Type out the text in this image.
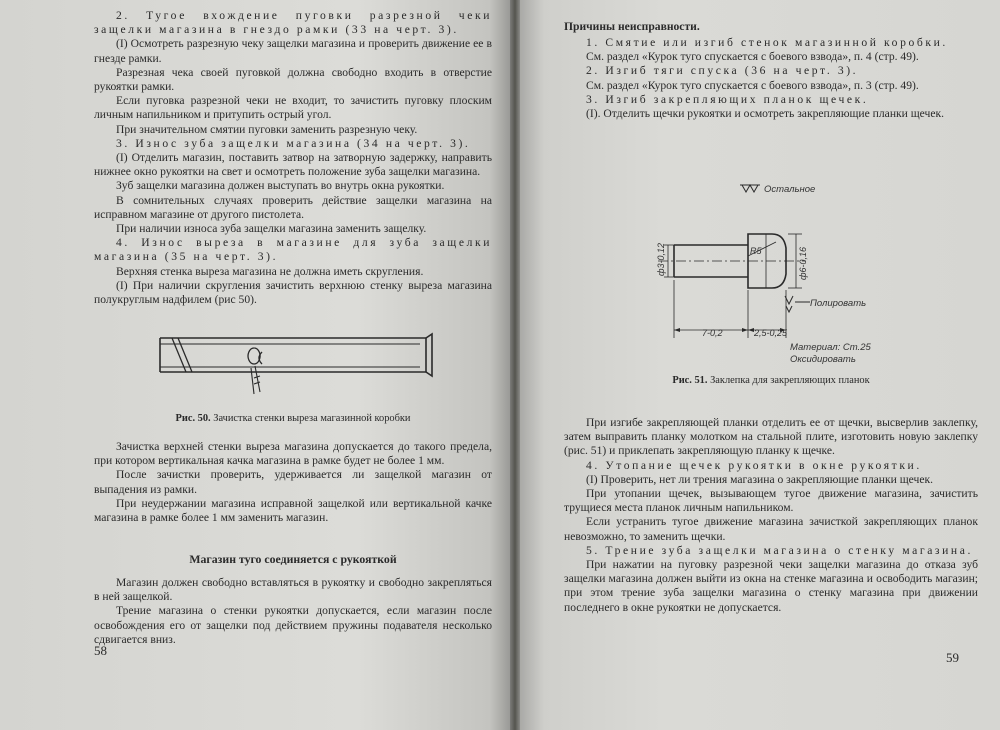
2. Тугое вхождение пуговки разрезной чеки защелки магазина в гнездо рамки (33 на черт. 3).

(I) Осмотреть разрезную чеку защелки магазина и проверить движение ее в гнезде рамки.

Разрезная чека своей пуговкой должна свободно входить в отверстие рукоятки рамки.

Если пуговка разрезной чеки не входит, то зачистить пуговку плоским личным напильником и притупить острый угол.

При значительном смятии пуговки заменить разрезную чеку.

3. Износ зуба защелки магазина (34 на черт. 3).

(I) Отделить магазин, поставить затвор на затворную задержку, направить нижнее окно рукоятки на свет и осмотреть положение зуба защелки магазина.

Зуб защелки магазина должен выступать во внутрь окна рукоятки.

В сомнительных случаях проверить действие защелки магазина на исправном магазине от другого пистолета.

При наличии износа зуба защелки магазина заменить защелку.

4. Износ выреза в магазине для зуба защелки магазина (35 на черт. 3).

Верхняя стенка выреза магазина не должна иметь скругления.

(I) При наличии скругления зачистить верхнюю стенку выреза магазина полукруглым надфилем (рис 50).

Рис. 50. Зачистка стенки выреза магазинной коробки

Зачистка верхней стенки выреза магазина допускается до такого предела, при котором вертикальная качка магазина в рамке будет не более 1 мм.

После зачистки проверить, удерживается ли защелкой магазин от выпадения из рамки.

При неудержании магазина исправной защелкой или вертикальной качке магазина в рамке более 1 мм заменить магазин.

Магазин туго соединяется с рукояткой

Магазин должен свободно вставляться в рукоятку и свободно закрепляться в ней защелкой.

Трение магазина о стенки рукоятки допускается, если магазин после освобождения его от защелки под действием пружины подавателя несколько сдвигается вниз.

58

Причины неисправности.

1. Смятие или изгиб стенок магазинной коробки.

См. раздел «Курок туго спускается с боевого взвода», п. 4 (стр. 49).

2. Изгиб тяги спуска (36 на черт. 3).

См. раздел «Курок туго спускается с боевого взвода», п. 3 (стр. 49).

3. Изгиб закрепляющих планок щечек.

(I). Отделить щечки рукоятки и осмотреть закрепляющие планки щечек.

Остальное
R5
ф3-0,12	ф6-0,16
Полировать
7-0,2	2,5-0,25
Материал: Ст.25
Оксидировать

Рис. 51. Заклепка для закрепляющих планок

При изгибе закрепляющей планки отделить ее от щечки, высверлив заклепку, затем выправить планку молотком на стальной плите, изготовить новую заклепку (рис. 51) и приклепать закрепляющую планку к щечке.

4. Утопание щечек рукоятки в окне рукоятки.

(I) Проверить, нет ли трения магазина о закрепляющие планки щечек.

При утопании щечек, вызывающем тугое движение магазина, зачистить трущиеся места планок личным напильником.

Если устранить тугое движение магазина зачисткой закрепляющих планок невозможно, то заменить щечки.

5. Трение зуба защелки магазина о стенку магазина.

При нажатии на пуговку разрезной чеки защелки магазина до отказа зуб защелки магазина должен выйти из окна на стенке магазина и освободить магазин; при этом трение зуба защелки магазина о стенку магазина при движении последнего в окне рукоятки не допускается.

59
